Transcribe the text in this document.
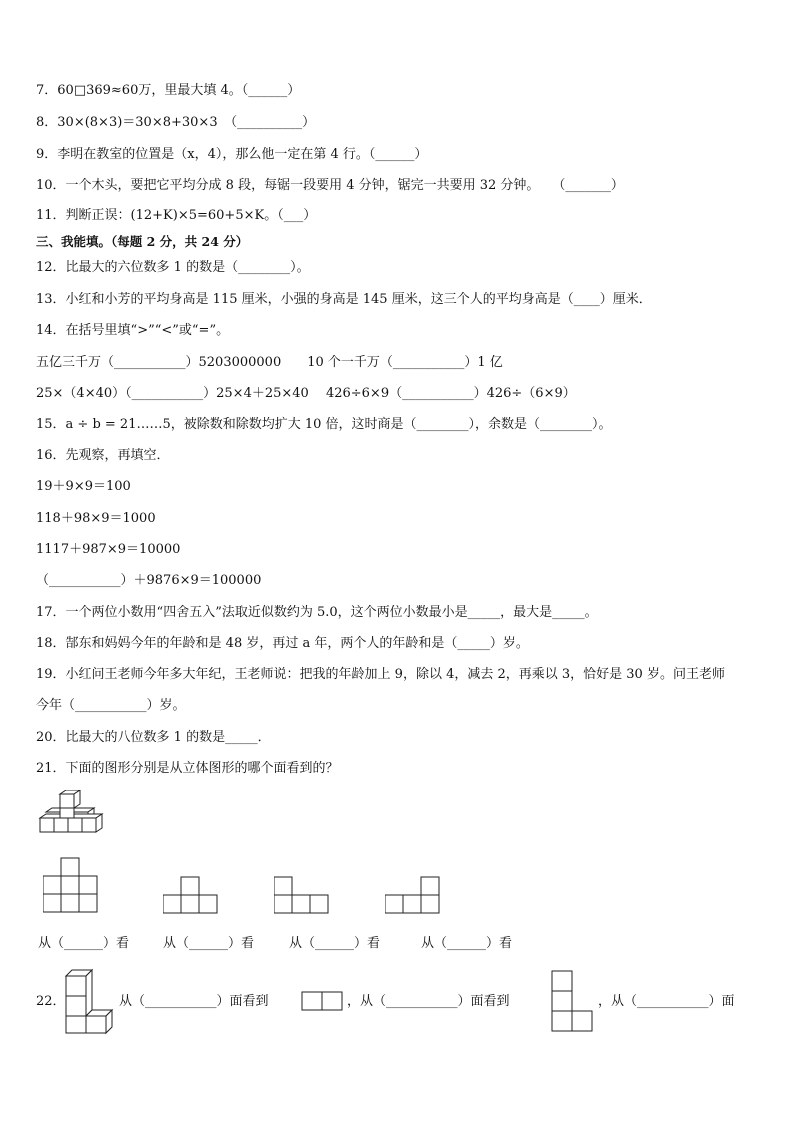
7．60□369≈60万，里最大填 4。（______）
8．30×(8×3)＝30×8+30×3　（__________）
9．李明在教室的位置是（x，4），那么他一定在第 4 行。（______）
10．一个木头，要把它平均分成 8 段，每锯一段要用 4 分钟，锯完一共要用 32 分钟。　　（_______）
11．判断正误：(12+K)×5=60+5×K。（___）
三、我能填。（每题 2 分，共 24 分）
12．比最大的六位数多 1 的数是（________）。
13．小红和小芳的平均身高是 115 厘米，小强的身高是 145 厘米，这三个人的平均身高是（____）厘米．
14．在括号里填“>”“<”或“=”。
五亿三千万（___________）5203000000　　10 个一千万（___________）1 亿
25×（4×40）（___________）25×4＋25×40　 426÷6×9（___________）426÷（6×9）
15．a ÷ b = 21……5，被除数和除数均扩大 10 倍，这时商是（________），余数是（________）。
16．先观察，再填空．
19＋9×9＝100
118＋98×9＝1000
1117＋987×9＝10000
（___________）＋9876×9＝100000
17．一个两位小数用“四舍五入”法取近似数约为 5.0，这个两位小数最小是_____，最大是_____。
18．郜东和妈妈今年的年龄和是 48 岁，再过 a 年，两个人的年龄和是（_____）岁。
19．小红问王老师今年多大年纪，王老师说：把我的年龄加上 9，除以 4，减去 2，再乘以 3，恰好是 30 岁。问王老师
今年（___________）岁。
20．比最大的八位数多 1 的数是_____．
21．下面的图形分别是从立体图形的哪个面看到的？
从（______）看	从（______）看	从（______）看	从（______）看
22．	从（___________）面看到	，从（___________）面看到	，从（___________）面
